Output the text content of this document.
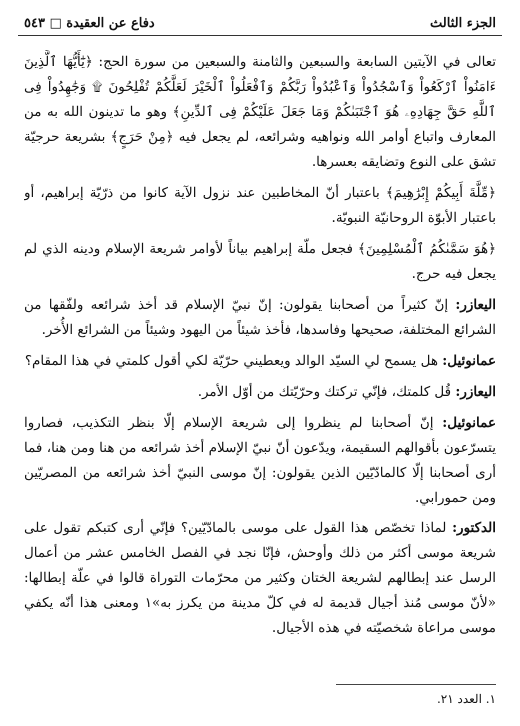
الجزء الثالث
دفاع عن العقيدة □ ٥٤٣

تعالى في الآيتين السابعة والسبعين والثامنة والسبعين من سورة الحج: ﴿يَٰٓأَيُّهَا ٱلَّذِينَ ءَامَنُواْ ٱرْكَعُواْ وَٱسْجُدُواْ وَٱعْبُدُواْ رَبَّكُمْ وَٱفْعَلُواْ ٱلْخَيْرَ لَعَلَّكُمْ تُفْلِحُونَ ۩ وَجَٰهِدُواْ فِى ٱللَّهِ حَقَّ جِهَادِهِۦ هُوَ ٱجْتَبَىٰكُمْ وَمَا جَعَلَ عَلَيْكُمْ فِى ٱلدِّينِ﴾ وهو ما تدينون الله به من المعارف واتباع أوامر الله ونواهيه وشرائعه، لم يجعل فيه ﴿مِنْ حَرَجٍ﴾ بشريعة حرجيّة تشق على النوع وتضايقه بعسرها.

﴿مِّلَّةَ أَبِيكُمْ إِبْرَٰهِيمَ﴾ باعتبار أنّ المخاطبين عند نزول الآية كانوا من ذرّيّة إبراهيم، أو باعتبار الأبوّة الروحانيّة النبويّة.

﴿هُوَ سَمَّىٰكُمُ ٱلْمُسْلِمِينَ﴾ فجعل ملّة إبراهيم بياناً لأوامر شريعة الإسلام ودينه الذي لم يجعل فيه حرج.

اليعازر: إنّ كثيراً من أصحابنا يقولون: إنّ نبيّ الإسلام قد أخذ شرائعه ولفّقها من الشرائع المختلفة، صحيحها وفاسدها، فأخذ شيئاً من اليهود وشيئاً من الشرائع الأُخر.

عمانوئيل: هل يسمح لي السيّد الوالد ويعطيني حرّيّة لكي أقول كلمتي في هذا المقام؟

اليعازر: قُل كلمتك، فإنّي تركتك وحرّيّتك من أوّل الأمر.

عمانوئيل: إنّ أصحابنا لم ينظروا إلى شريعة الإسلام إلّا بنظر التكذيب، فصاروا يتسرّعون بأقوالهم السقيمة، ويدّعون أنّ نبيّ الإسلام أخذ شرائعه من هنا ومن هنا، فما أرى أصحابنا إلّا كالمادّيّين الذين يقولون: إنّ موسى النبيّ أخذ شرائعه من المصريّين ومن حمورابي.

الدكتور: لماذا تخصّص هذا القول على موسى بالمادّيّين؟ فإنّي أرى كتبكم تقول على شريعة موسى أكثر من ذلك وأوحش، فإنّا نجد في الفصل الخامس عشر من أعمال الرسل عند إبطالهم لشريعة الختان وكثير من محرّمات التوراة قالوا في علّة إبطالها: «لأنّ موسى مُنذ أجيال قديمة له في كلّ مدينة من يكرز به»١ ومعنى هذا أنّه يكفي موسى مراعاة شخصيّته في هذه الأجيال.

١. العدد ٢١.
